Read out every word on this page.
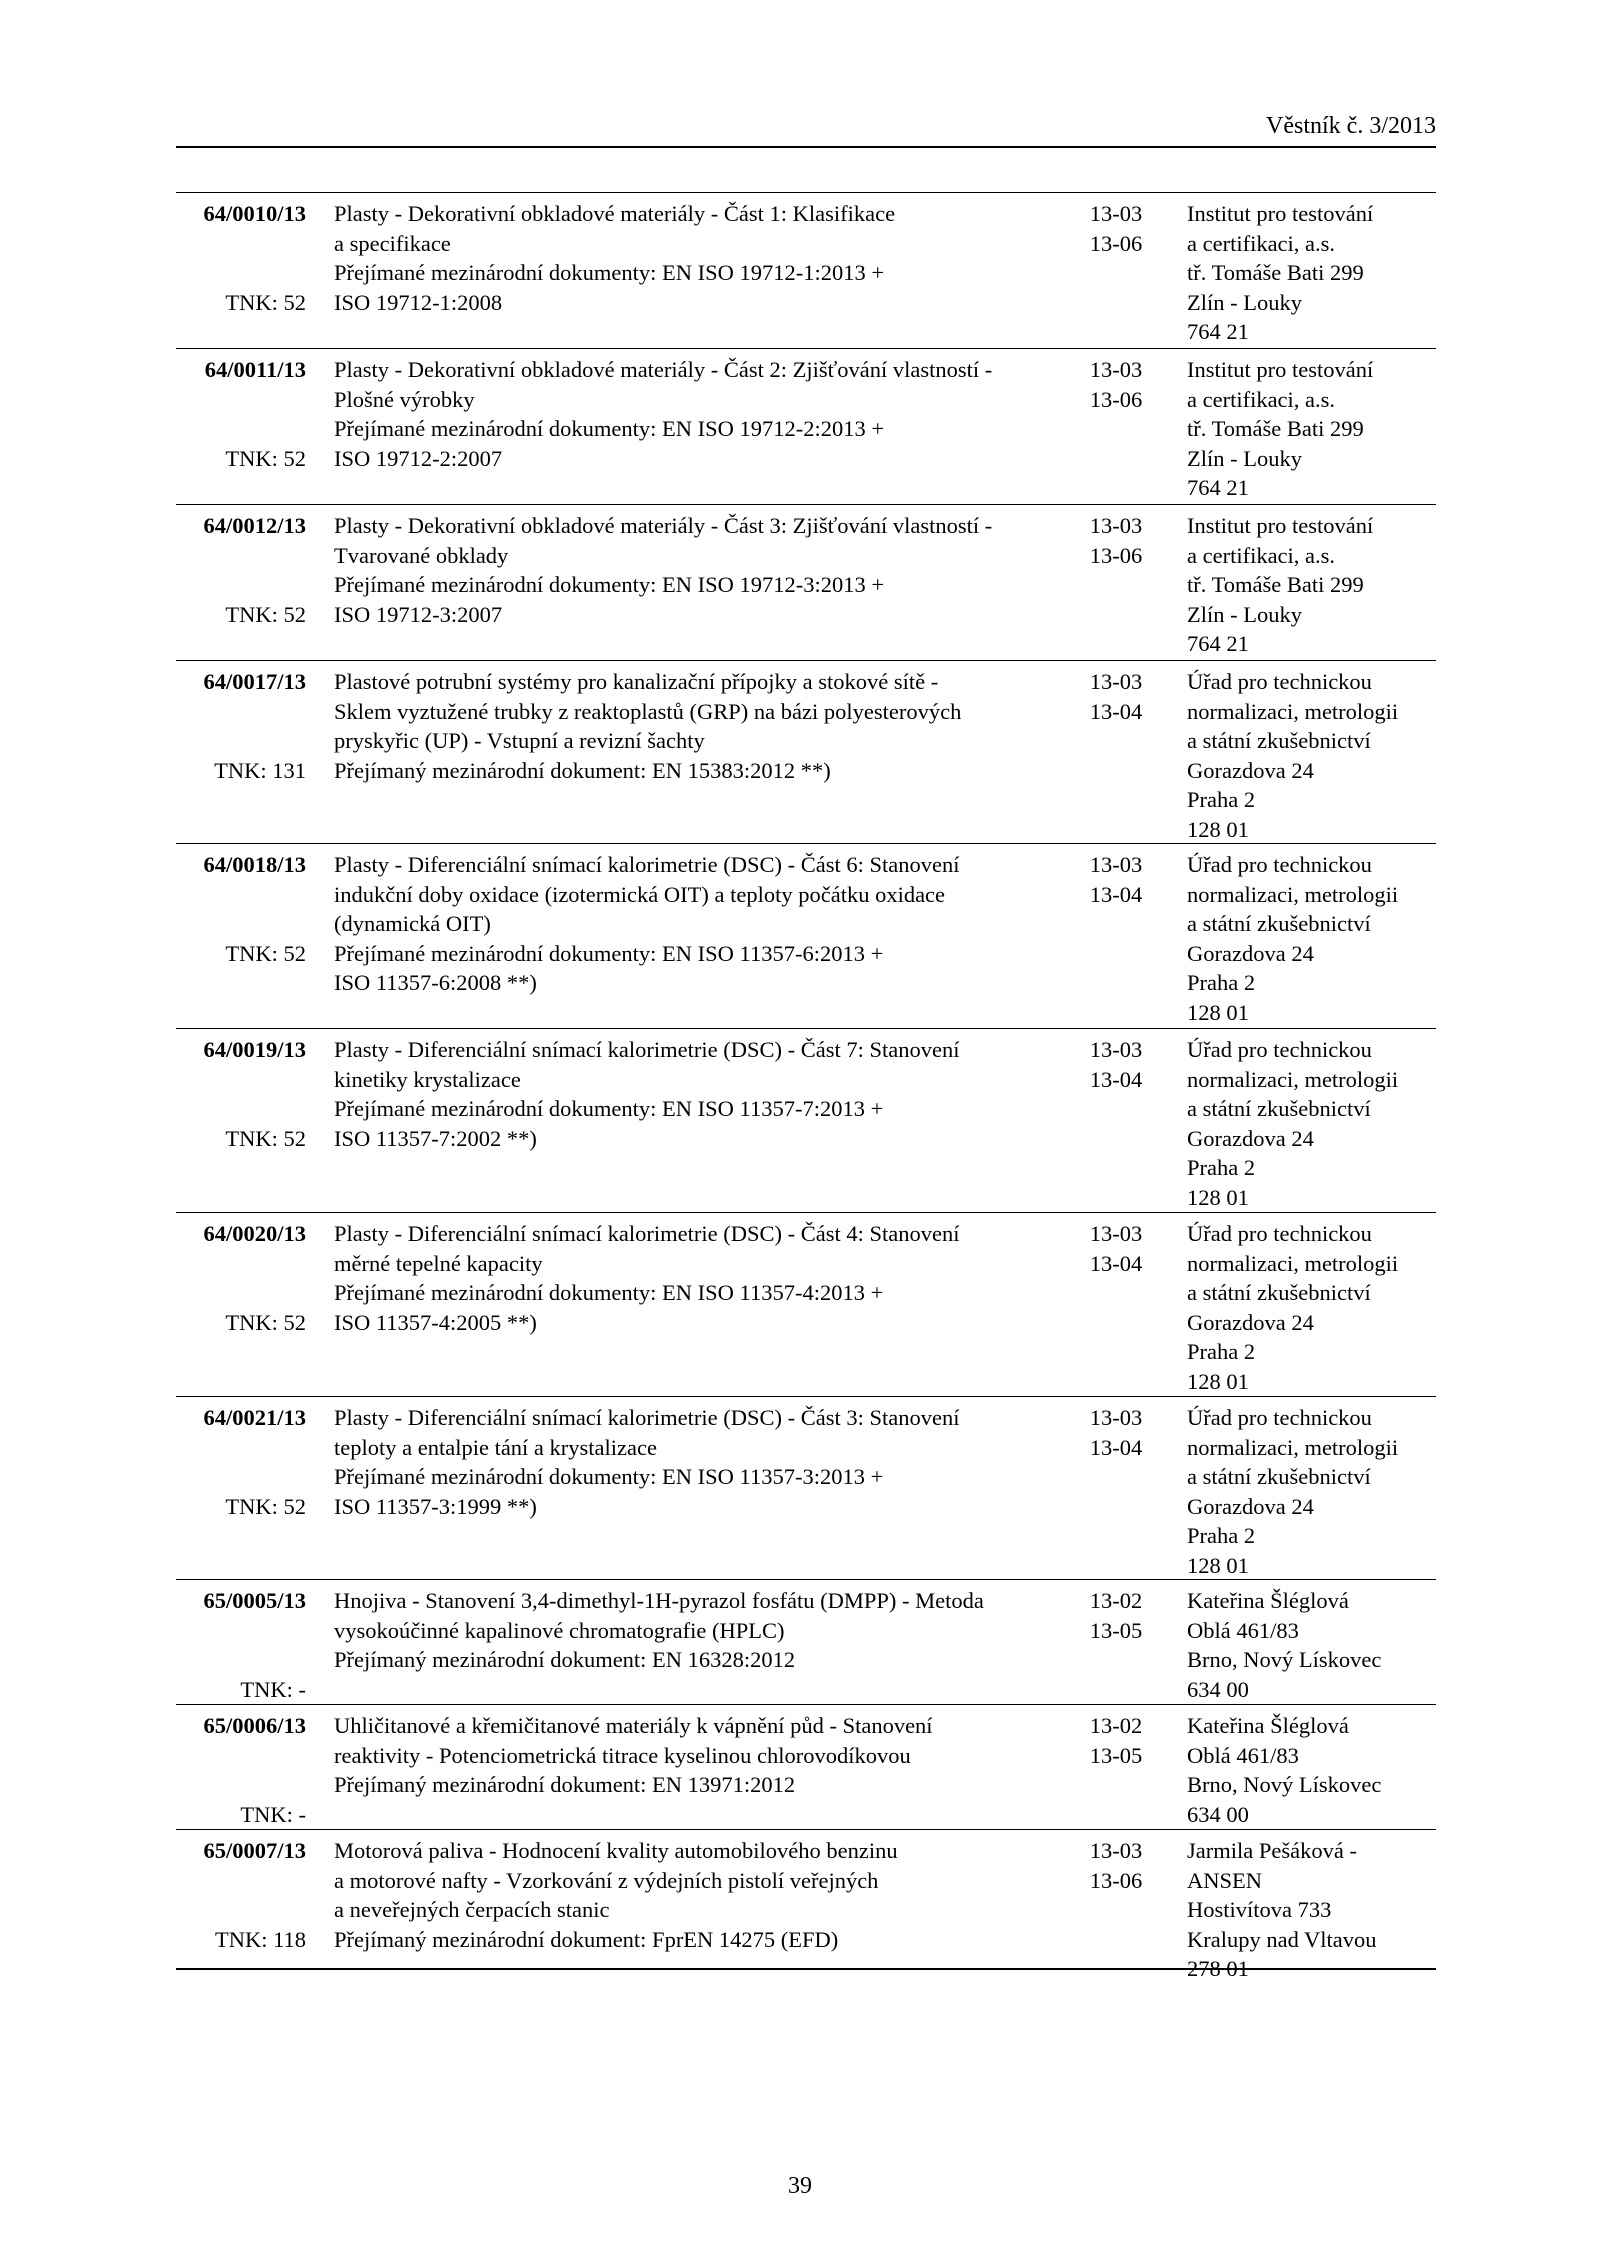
Věstník č. 3/2013
64/0010/13
TNK: 52
Plasty - Dekorativní obkladové materiály - Část 1: Klasifikace
a specifikace
Přejímané mezinárodní dokumenty: EN ISO 19712-1:2013 +
ISO 19712-1:2008
13-03
13-06
Institut pro testování
a certifikaci, a.s.
tř. Tomáše Bati 299
Zlín - Louky
764 21
64/0011/13
TNK: 52
Plasty - Dekorativní obkladové materiály - Část 2: Zjišťování vlastností -
Plošné výrobky
Přejímané mezinárodní dokumenty: EN ISO 19712-2:2013 +
ISO 19712-2:2007
13-03
13-06
Institut pro testování
a certifikaci, a.s.
tř. Tomáše Bati 299
Zlín - Louky
764 21
64/0012/13
TNK: 52
Plasty - Dekorativní obkladové materiály - Část 3: Zjišťování vlastností -
Tvarované obklady
Přejímané mezinárodní dokumenty: EN ISO 19712-3:2013 +
ISO 19712-3:2007
13-03
13-06
Institut pro testování
a certifikaci, a.s.
tř. Tomáše Bati 299
Zlín - Louky
764 21
64/0017/13
TNK: 131
Plastové potrubní systémy pro kanalizační přípojky a stokové sítě -
Sklem vyztužené trubky z reaktoplastů (GRP) na bázi polyesterových
pryskyřic (UP) - Vstupní a revizní šachty
Přejímaný mezinárodní dokument: EN 15383:2012 **)
13-03
13-04
Úřad pro technickou
normalizaci, metrologii
a státní zkušebnictví
Gorazdova 24
Praha 2
128 01
64/0018/13
TNK: 52
Plasty - Diferenciální snímací kalorimetrie (DSC) - Část 6: Stanovení
indukční doby oxidace (izotermická OIT) a teploty počátku oxidace
(dynamická OIT)
Přejímané mezinárodní dokumenty: EN ISO 11357-6:2013 +
ISO 11357-6:2008 **)
13-03
13-04
Úřad pro technickou
normalizaci, metrologii
a státní zkušebnictví
Gorazdova 24
Praha 2
128 01
64/0019/13
TNK: 52
Plasty - Diferenciální snímací kalorimetrie (DSC) - Část 7: Stanovení
kinetiky krystalizace
Přejímané mezinárodní dokumenty: EN ISO 11357-7:2013 +
ISO 11357-7:2002 **)
13-03
13-04
Úřad pro technickou
normalizaci, metrologii
a státní zkušebnictví
Gorazdova 24
Praha 2
128 01
64/0020/13
TNK: 52
Plasty - Diferenciální snímací kalorimetrie (DSC) - Část 4: Stanovení
měrné tepelné kapacity
Přejímané mezinárodní dokumenty: EN ISO 11357-4:2013 +
ISO 11357-4:2005 **)
13-03
13-04
Úřad pro technickou
normalizaci, metrologii
a státní zkušebnictví
Gorazdova 24
Praha 2
128 01
64/0021/13
TNK: 52
Plasty - Diferenciální snímací kalorimetrie (DSC) - Část 3: Stanovení
teploty a entalpie tání a krystalizace
Přejímané mezinárodní dokumenty: EN ISO 11357-3:2013 +
ISO 11357-3:1999 **)
13-03
13-04
Úřad pro technickou
normalizaci, metrologii
a státní zkušebnictví
Gorazdova 24
Praha 2
128 01
65/0005/13
TNK: -
Hnojiva - Stanovení 3,4-dimethyl-1H-pyrazol fosfátu (DMPP) - Metoda
vysokoúčinné kapalinové chromatografie (HPLC)
Přejímaný mezinárodní dokument: EN 16328:2012
13-02
13-05
Kateřina Šléglová
Oblá 461/83
Brno, Nový Lískovec
634 00
65/0006/13
TNK: -
Uhličitanové a křemičitanové materiály k vápnění půd - Stanovení
reaktivity - Potenciometrická titrace kyselinou chlorovodíkovou
Přejímaný mezinárodní dokument: EN 13971:2012
13-02
13-05
Kateřina Šléglová
Oblá 461/83
Brno, Nový Lískovec
634 00
65/0007/13
TNK: 118
Motorová paliva - Hodnocení kvality automobilového benzinu
a motorové nafty - Vzorkování z výdejních pistolí veřejných
a neveřejných čerpacích stanic
Přejímaný mezinárodní dokument: FprEN 14275 (EFD)
13-03
13-06
Jarmila Pešáková -
ANSEN
Hostivítova 733
Kralupy nad Vltavou
278 01
39
